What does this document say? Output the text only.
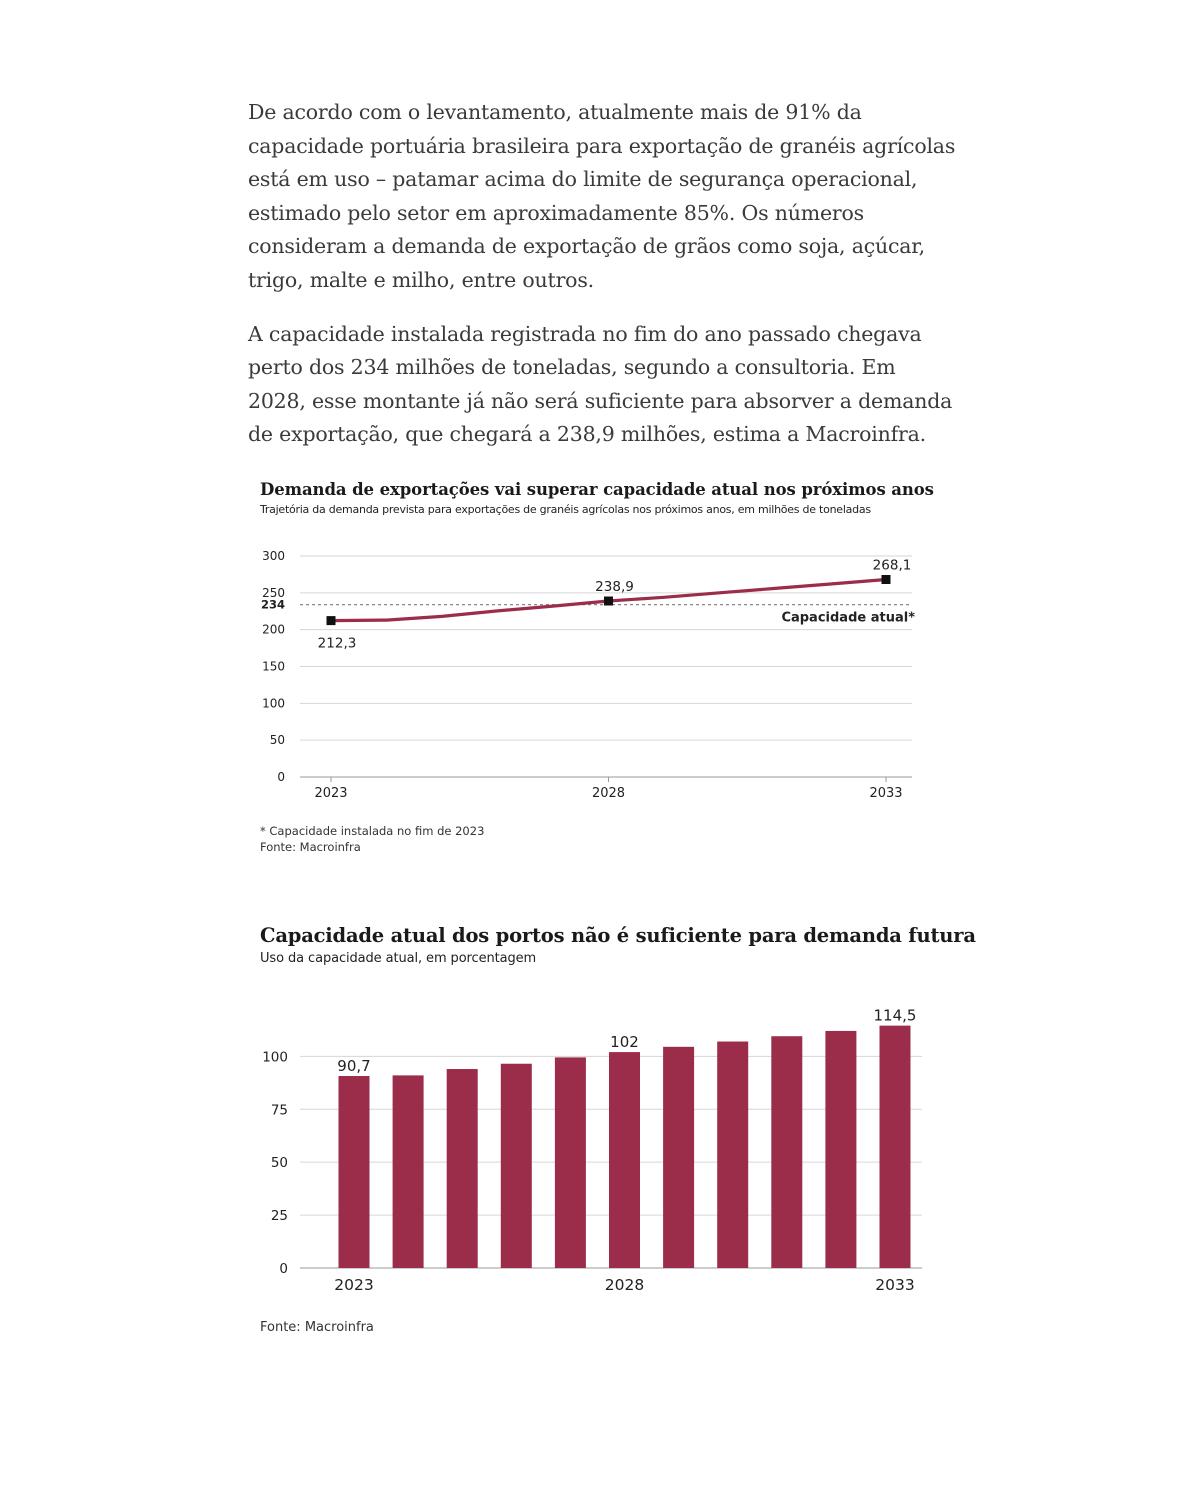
De acordo com o levantamento, atualmente mais de 91% da capacidade portuária brasileira para exportação de granéis agrícolas está em uso – patamar acima do limite de segurança operacional, estimado pelo setor em aproximadamente 85%. Os números consideram a demanda de exportação de grãos como soja, açúcar, trigo, malte e milho, entre outros.

A capacidade instalada registrada no fim do ano passado chegava perto dos 234 milhões de toneladas, segundo a consultoria. Em 2028, esse montante já não será suficiente para absorver a demanda de exportação, que chegará a 238,9 milhões, estima a Macroinfra.

Demanda de exportações vai superar capacidade atual nos próximos anos
Trajetória da demanda prevista para exportações de granéis agrícolas nos próximos anos, em milhões de toneladas
0
50
100
150
200
250
300
2023	2028	2033
234
Capacidade atual*
212,3
238,9
268,1
* Capacidade instalada no fim de 2023
Fonte: Macroinfra
Capacidade atual dos portos não é suficiente para demanda futura
Uso da capacidade atual, em porcentagem
0
25
50
75
100	90,7
102
114,5
2023	2028	2033
Fonte: Macroinfra
